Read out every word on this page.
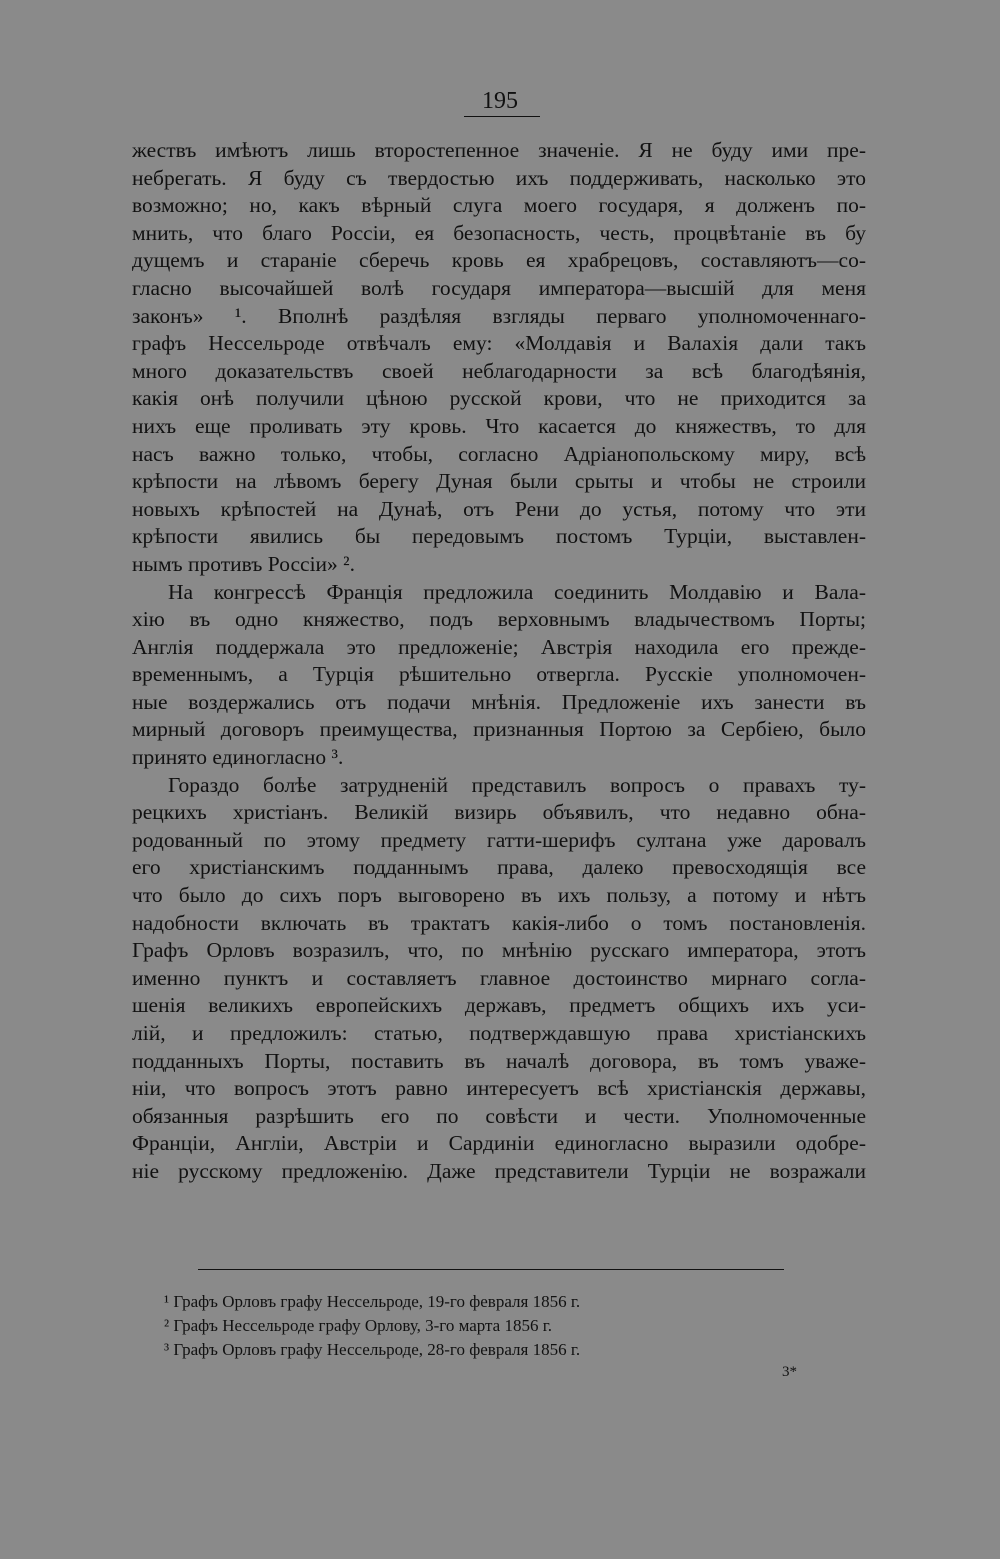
195
жествъ имѣютъ лишь второстепенное значеніе. Я не буду ими пре-
небрегать. Я буду съ твердостью ихъ поддерживать, насколько это
возможно; но, какъ вѣрный слуга моего государя, я долженъ по-
мнить, что благо Россіи, ея безопасность, честь, процвѣтаніе въ бу
дущемъ и стараніе сберечь кровь ея храбрецовъ, составляютъ—со-
гласно высочайшей волѣ государя императора—высшій для меня
законъ» ¹. Вполнѣ раздѣляя взгляды перваго уполномоченнаго-
графъ Нессельроде отвѣчалъ ему: «Молдавія и Валахія дали такъ
много доказательствъ своей неблагодарности за всѣ благодѣянія,
какія онѣ получили цѣною русской крови, что не приходится за
нихъ еще проливать эту кровь. Что касается до княжествъ, то для
насъ важно только, чтобы, согласно Адріанопольскому миру, всѣ
крѣпости на лѣвомъ берегу Дуная были срыты и чтобы не строили
новыхъ крѣпостей на Дунаѣ, отъ Рени до устья, потому что эти
крѣпости явились бы передовымъ постомъ Турціи, выставлен-
нымъ противъ Россіи» ².
На конгрессѣ Франція предложила соединить Молдавію и Вала-
хію въ одно княжество, подъ верховнымъ владычествомъ Порты;
Англія поддержала это предложеніе; Австрія находила его прежде-
временнымъ, а Турція рѣшительно отвергла. Русскіе уполномочен-
ные воздержались отъ подачи мнѣнія. Предложеніе ихъ занести въ
мирный договоръ преимущества, признанныя Портою за Сербіею, было
принято единогласно ³.
Гораздо болѣе затрудненій представилъ вопросъ о правахъ ту-
рецкихъ христіанъ. Великій визирь объявилъ, что недавно обна-
родованный по этому предмету гатти-шерифъ султана уже даровалъ
его христіанскимъ подданнымъ права, далеко превосходящія все
что было до сихъ поръ выговорено въ ихъ пользу, а потому и нѣтъ
надобности включать въ трактатъ какія-либо о томъ постановленія.
Графъ Орловъ возразилъ, что, по мнѣнію русскаго императора, этотъ
именно пунктъ и составляетъ главное достоинство мирнаго согла-
шенія великихъ европейскихъ державъ, предметъ общихъ ихъ уси-
лій, и предложилъ: статью, подтверждавшую права христіанскихъ
подданныхъ Порты, поставить въ началѣ договора, въ томъ уваже-
ніи, что вопросъ этотъ равно интересуетъ всѣ христіанскія державы,
обязанныя разрѣшить его по совѣсти и чести. Уполномоченные
Франціи, Англіи, Австріи и Сардиніи единогласно выразили одобре-
ніе русскому предложенію. Даже представители Турціи не возражали
¹ Графъ Орловъ графу Нессельроде, 19-го февраля 1856 г.
² Графъ Нессельроде графу Орлову, 3-го марта 1856 г.
³ Графъ Орловъ графу Нессельроде, 28-го февраля 1856 г.
3*
